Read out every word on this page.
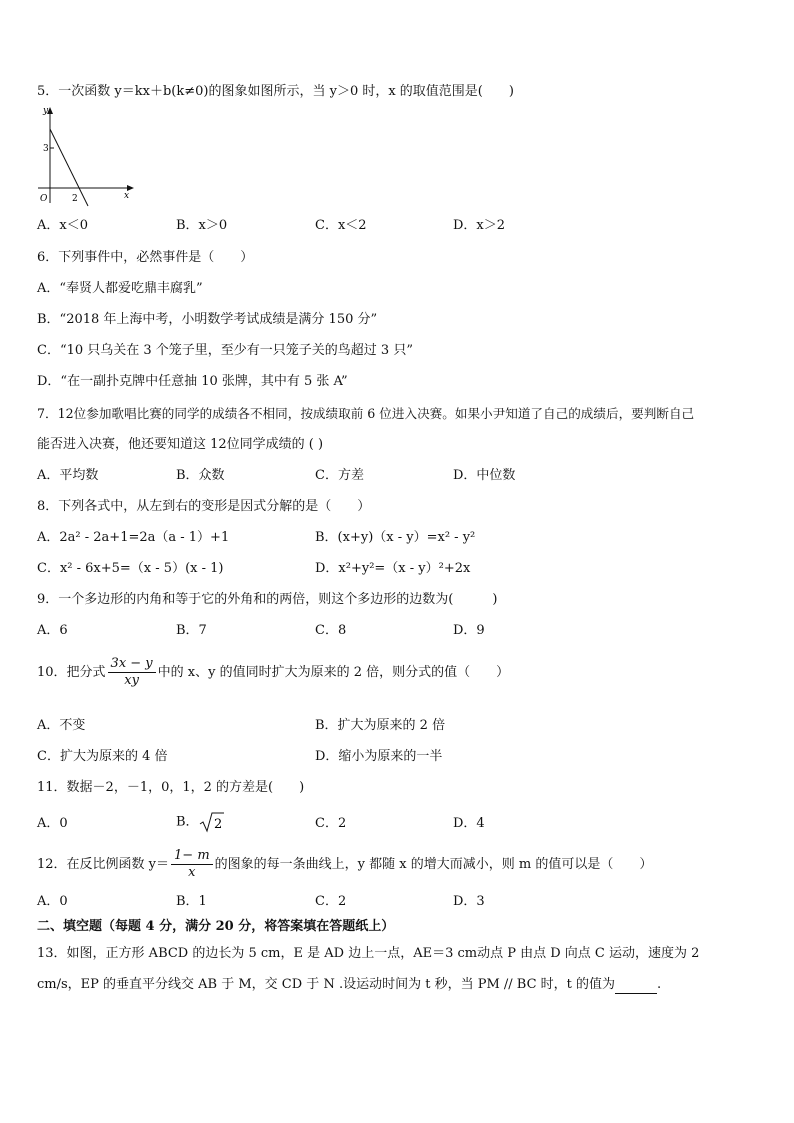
5．一次函数 y＝kx＋b(k≠0)的图象如图所示，当 y＞0 时，x 的取值范围是(　　)
y
x
O
3
2
A．x＜0	B．x＞0	C．x＜2	D．x＞2
6．下列事件中，必然事件是（　　）
A．“奉贤人都爱吃鼎丰腐乳”
B．“2018 年上海中考，小明数学考试成绩是满分 150 分”
C．“10 只乌关在 3 个笼子里，至少有一只笼子关的鸟超过 3 只”
D．“在一副扑克牌中任意抽 10 张牌，其中有 5 张 A”
7．12位参加歌唱比赛的同学的成绩各不相同，按成绩取前 6 位进入决赛。如果小尹知道了自己的成绩后，要判断自己
能否进入决赛，他还要知道这 12位同学成绩的 ( )
A．平均数	B．众数	C．方差	D．中位数
8．下列各式中，从左到右的变形是因式分解的是（　　）
A．2a² - 2a+1=2a（a - 1）+1	B．(x+y)（x - y）=x² - y²
C．x² - 6x+5=（x - 5）(x - 1)	D．x²+y²=（x - y）²+2x
9．一个多边形的内角和等于它的外角和的两倍，则这个多边形的边数为(　　　)
A．6	B．7	C．8	D．9
10．把分式 $\frac{3x - y}{xy}$ 中的 x、y 的值同时扩大为原来的 2 倍，则分式的值（　　）
A．不变	B．扩大为原来的 2 倍
C．扩大为原来的 4 倍	D．缩小为原来的一半
11．数据－2，－1，0，1，2 的方差是(　　)
A．0	B． 2	C．2	D．4
12．在反比例函数 $y= \frac{1- m}{x}$ 的图象的每一条曲线上，y 都随 x 的增大而减小，则 m 的值可以是（　　）
A．0	B．1	C．2	D．3
二、填空题（每题 4 分，满分 20 分，将答案填在答题纸上）
13．如图，正方形 ABCD 的边长为 5 cm，E 是 AD 边上一点，AE＝3 cm动点 P 由点 D 向点 C 运动，速度为 2
cm/s，EP 的垂直平分线交 AB 于 M，交 CD 于 N .设运动时间为 t 秒，当 PM // BC 时，t 的值为	.
